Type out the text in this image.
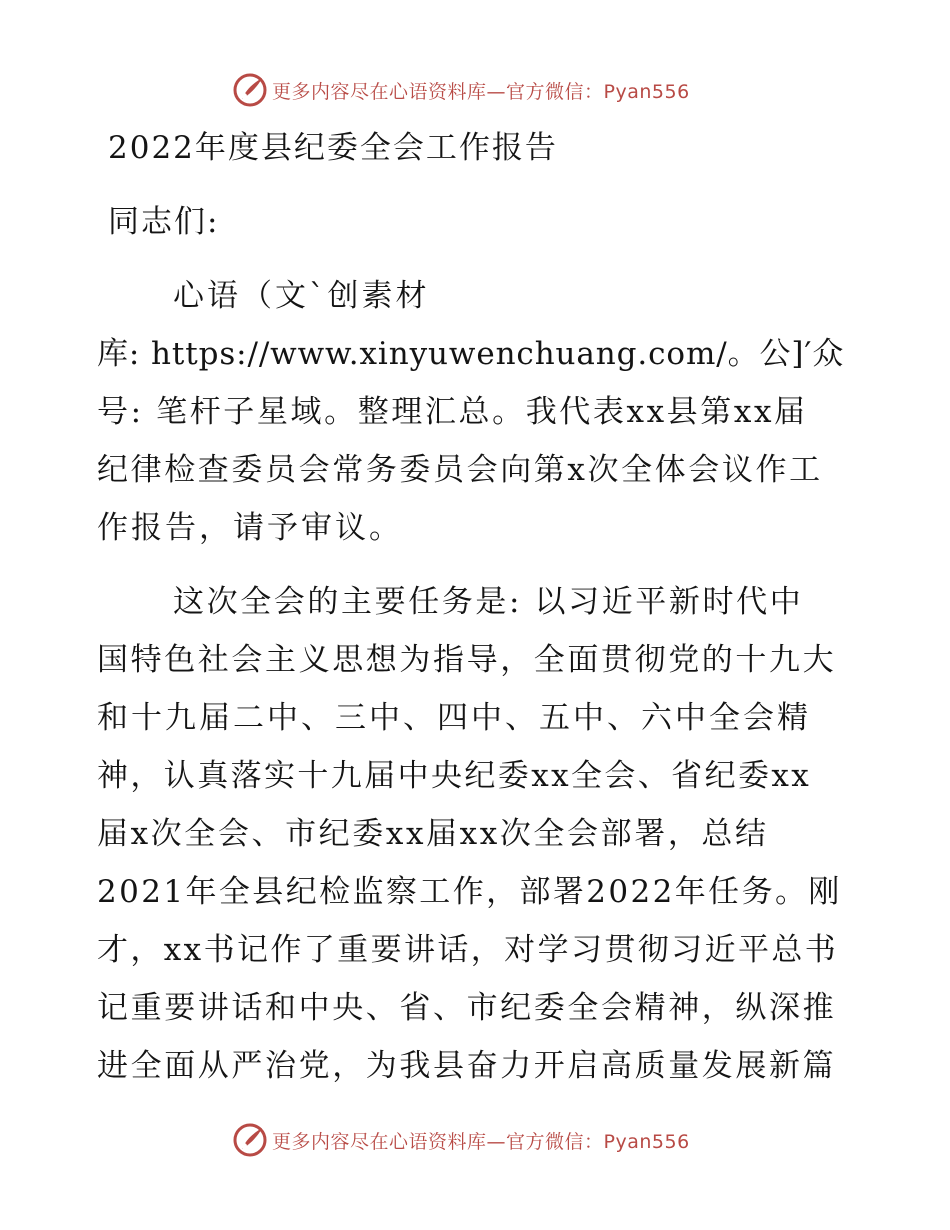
更多内容尽在心语资料库—官方微信：Pyan556
2022年度县纪委全会工作报告
同志们:
心语（文ˋ创素材
库: https://www.xinyuwenchuang.com/。公]′众
号: 笔杆子星域。整理汇总。我代表xx县第xx届
纪律检查委员会常务委员会向第x次全体会议作工
作报告，请予审议。
这次全会的主要任务是: 以习近平新时代中
国特色社会主义思想为指导，全面贯彻党的十九大
和十九届二中、三中、四中、五中、六中全会精
神，认真落实十九届中央纪委xx全会、省纪委xx
届x次全会、市纪委xx届xx次全会部署，总结
2021年全县纪检监察工作，部署2022年任务。刚
才，xx书记作了重要讲话，对学习贯彻习近平总书
记重要讲话和中央、省、市纪委全会精神，纵深推
进全面从严治党，为我县奋力开启高质量发展新篇
更多内容尽在心语资料库—官方微信：Pyan556
